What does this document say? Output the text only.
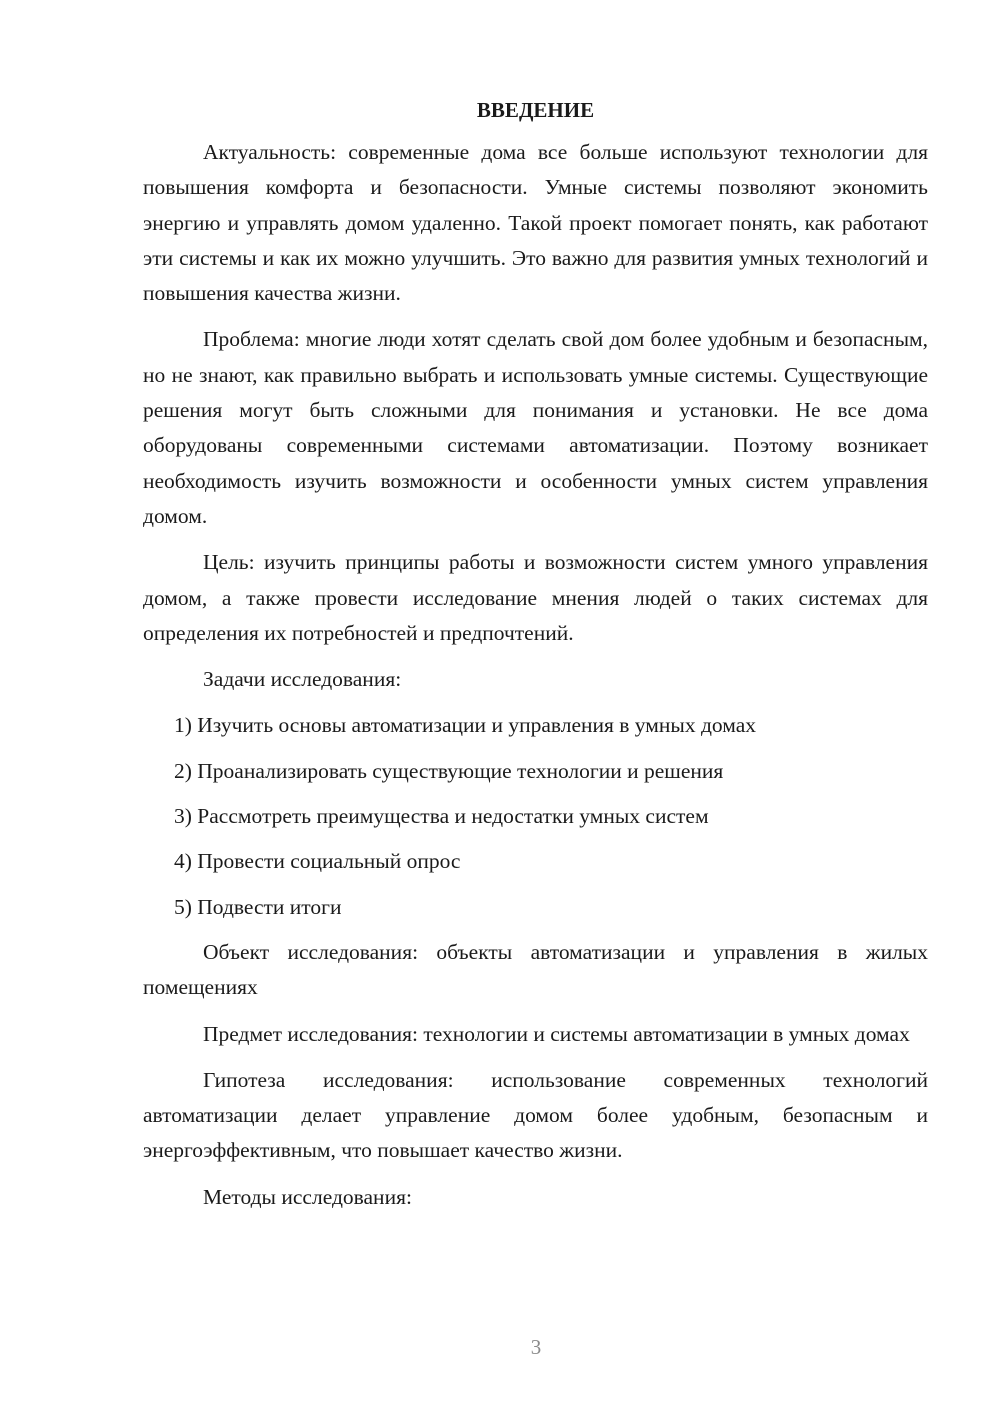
ВВЕДЕНИЕ

Актуальность: современные дома все больше используют технологии для повышения комфорта и безопасности. Умные системы позволяют экономить энергию и управлять домом удаленно. Такой проект помогает понять, как работают эти системы и как их можно улучшить. Это важно для развития умных технологий и повышения качества жизни.

Проблема: многие люди хотят сделать свой дом более удобным и безопасным, но не знают, как правильно выбрать и использовать умные системы. Существующие решения могут быть сложными для понимания и установки. Не все дома оборудованы современными системами автоматизации. Поэтому возникает необходимость изучить возможности и особенности умных систем управления домом.

Цель: изучить принципы работы и возможности систем умного управления домом, а также провести исследование мнения людей о таких системах для определения их потребностей и предпочтений.

Задачи исследования:

1) Изучить основы автоматизации и управления в умных домах
2) Проанализировать существующие технологии и решения
3) Рассмотреть преимущества и недостатки умных систем
4) Провести социальный опрос
5) Подвести итоги

Объект исследования: объекты автоматизации и управления в жилых помещениях

Предмет исследования: технологии и системы автоматизации в умных домах

Гипотеза исследования: использование современных технологий автоматизации делает управление домом более удобным, безопасным и энергоэффективным, что повышает качество жизни.

Методы исследования:

3
